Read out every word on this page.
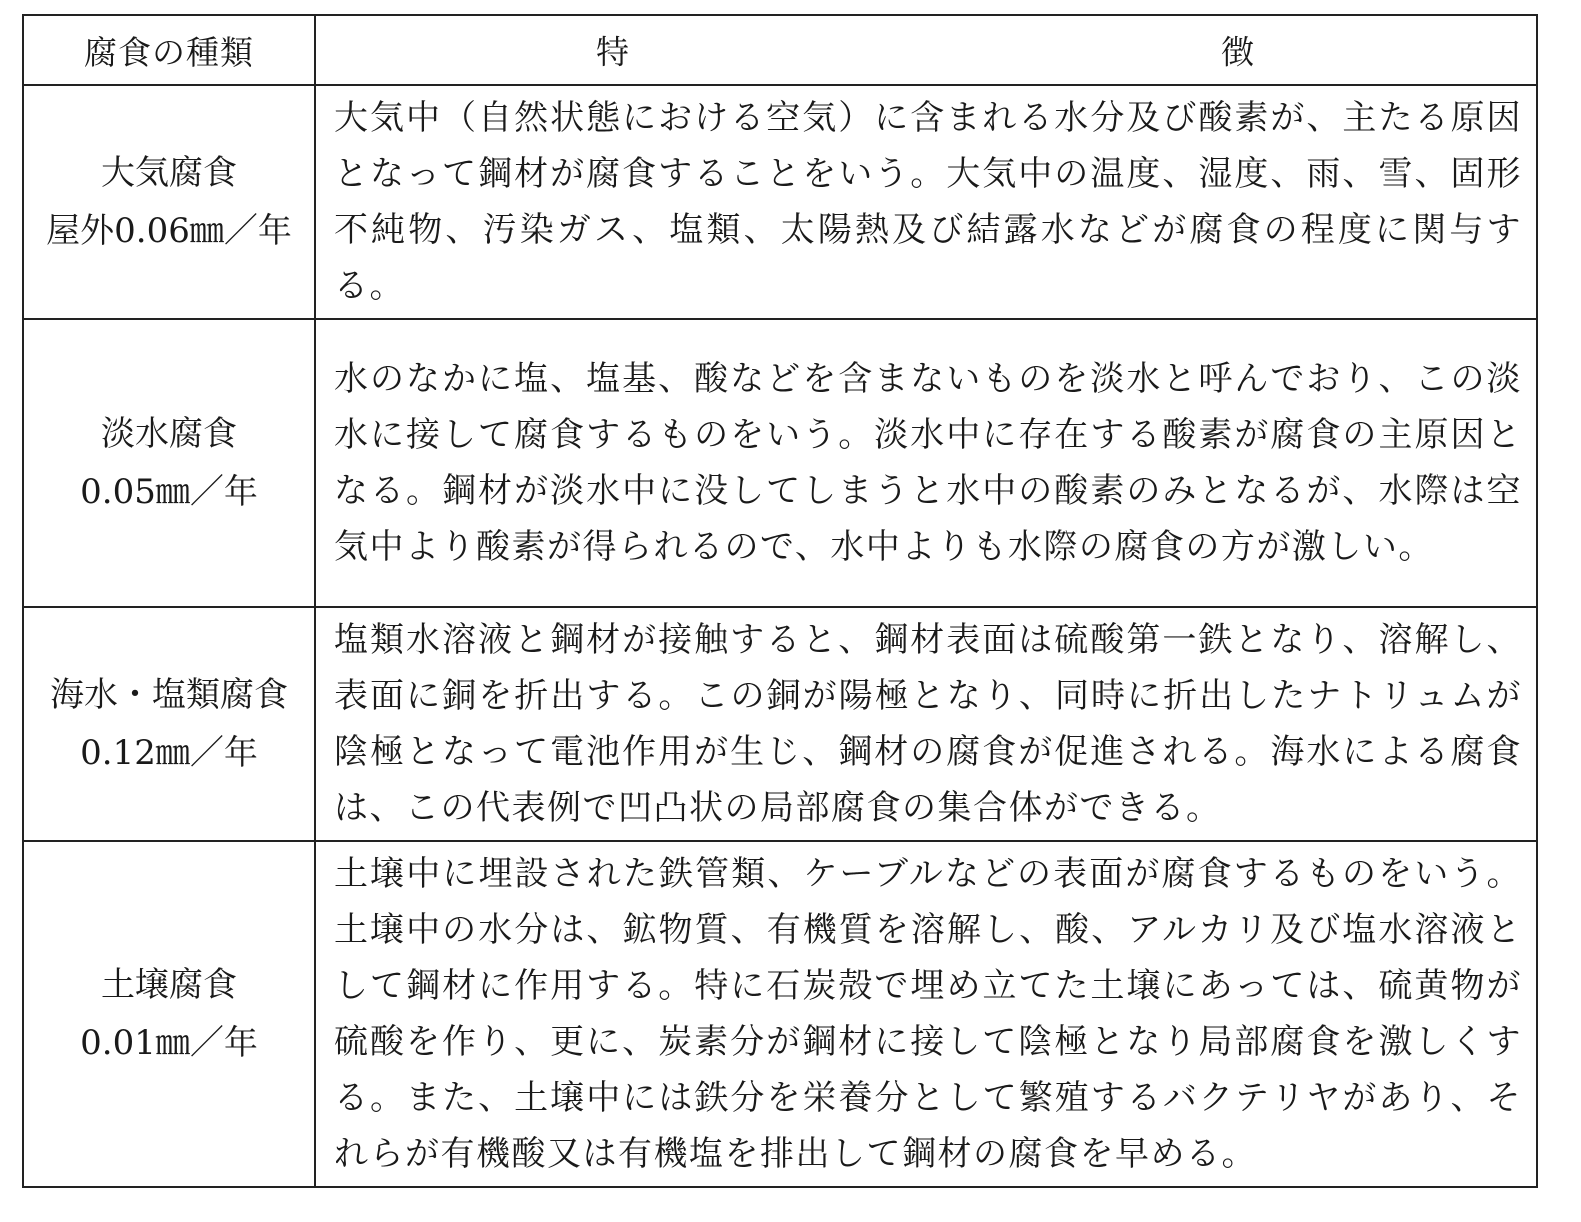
腐食の種類	特 徴

大気腐食
屋外0.06㎜／年	大気中（自然状態における空気）に含まれる水分及び酸素が、主たる原因となって鋼材が腐食することをいう。大気中の温度、湿度、雨、雪、固形不純物、汚染ガス、塩類、太陽熱及び結露水などが腐食の程度に関与する。

淡水腐食
0.05㎜／年	水のなかに塩、塩基、酸などを含まないものを淡水と呼んでおり、この淡水に接して腐食するものをいう。淡水中に存在する酸素が腐食の主原因となる。鋼材が淡水中に没してしまうと水中の酸素のみとなるが、水際は空気中より酸素が得られるので、水中よりも水際の腐食の方が激しい。

海水・塩類腐食
0.12㎜／年	塩類水溶液と鋼材が接触すると、鋼材表面は硫酸第一鉄となり、溶解し、表面に銅を折出する。この銅が陽極となり、同時に折出したナトリュムが陰極となって電池作用が生じ、鋼材の腐食が促進される。海水による腐食は、この代表例で凹凸状の局部腐食の集合体ができる。

土壌腐食
0.01㎜／年	土壌中に埋設された鉄管類、ケーブルなどの表面が腐食するものをいう。土壌中の水分は、鉱物質、有機質を溶解し、酸、アルカリ及び塩水溶液として鋼材に作用する。特に石炭殻で埋め立てた土壌にあっては、硫黄物が硫酸を作り、更に、炭素分が鋼材に接して陰極となり局部腐食を激しくする。また、土壌中には鉄分を栄養分として繁殖するバクテリヤがあり、それらが有機酸又は有機塩を排出して鋼材の腐食を早める。
